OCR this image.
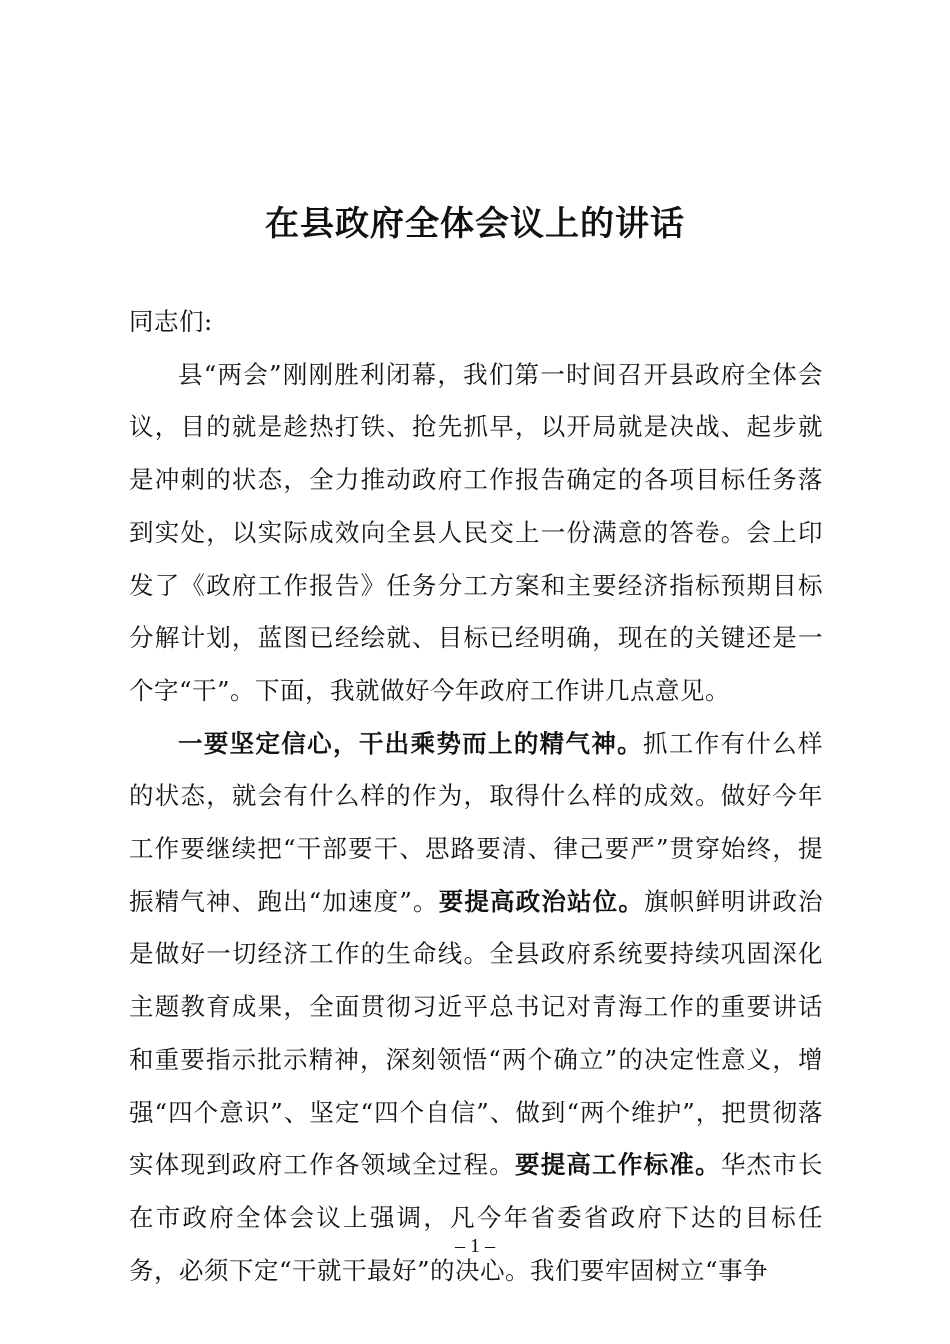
在县政府全体会议上的讲话

同志们:

县“两会”刚刚胜利闭幕，我们第一时间召开县政府全体会议，目的就是趁热打铁、抢先抓早，以开局就是决战、起步就是冲刺的状态，全力推动政府工作报告确定的各项目标任务落到实处，以实际成效向全县人民交上一份满意的答卷。会上印发了《政府工作报告》任务分工方案和主要经济指标预期目标分解计划，蓝图已经绘就、目标已经明确，现在的关键还是一个字“干”。下面，我就做好今年政府工作讲几点意见。

一要坚定信心，干出乘势而上的精气神。抓工作有什么样的状态，就会有什么样的作为，取得什么样的成效。做好今年工作要继续把“干部要干、思路要清、律己要严”贯穿始终，提振精气神、跑出“加速度”。要提高政治站位。旗帜鲜明讲政治是做好一切经济工作的生命线。全县政府系统要持续巩固深化主题教育成果，全面贯彻习近平总书记对青海工作的重要讲话和重要指示批示精神，深刻领悟“两个确立”的决定性意义，增强“四个意识”、坚定“四个自信”、做到“两个维护”，把贯彻落实体现到政府工作各领域全过程。要提高工作标准。华杰市长在市政府全体会议上强调，凡今年省委省政府下达的目标任务，必须下定“干就干最好”的决心。我们要牢固树立“事争

– 1 –
